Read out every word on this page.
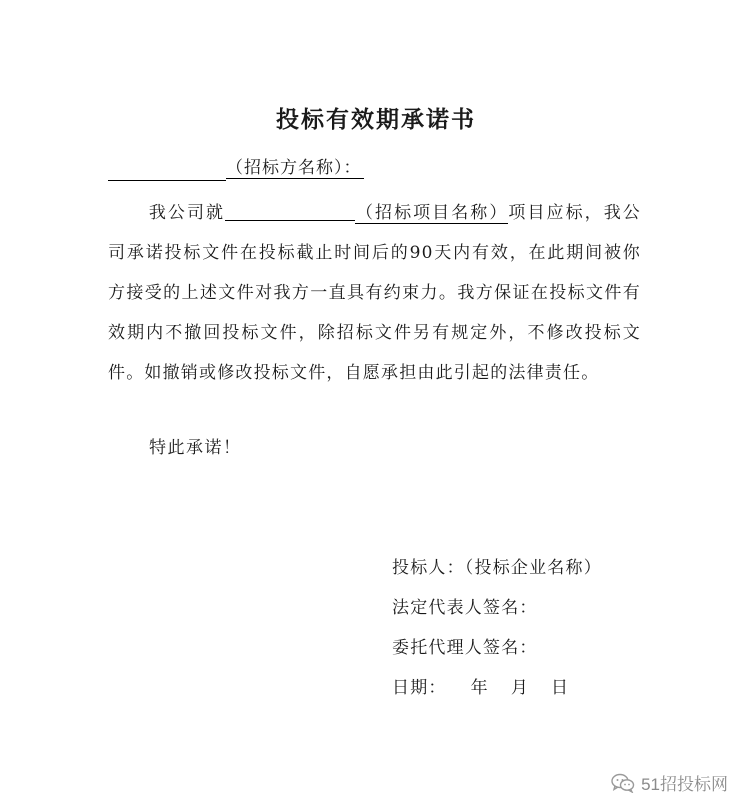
投标有效期承诺书
（招标方名称）：

我公司就	（招标项目名称）项目应标，我公司承诺投标文件在投标截止时间后的90天内有效，在此期间被你方接受的上述文件对我方一直具有约束力。我方保证在投标文件有效期内不撤回投标文件，除招标文件另有规定外，不修改投标文件。如撤销或修改投标文件，自愿承担由此引起的法律责任。

特此承诺！

投标人：（投标企业名称）
法定代表人签名：
委托代理人签名：
日期： 年 月 日
51招投标网
